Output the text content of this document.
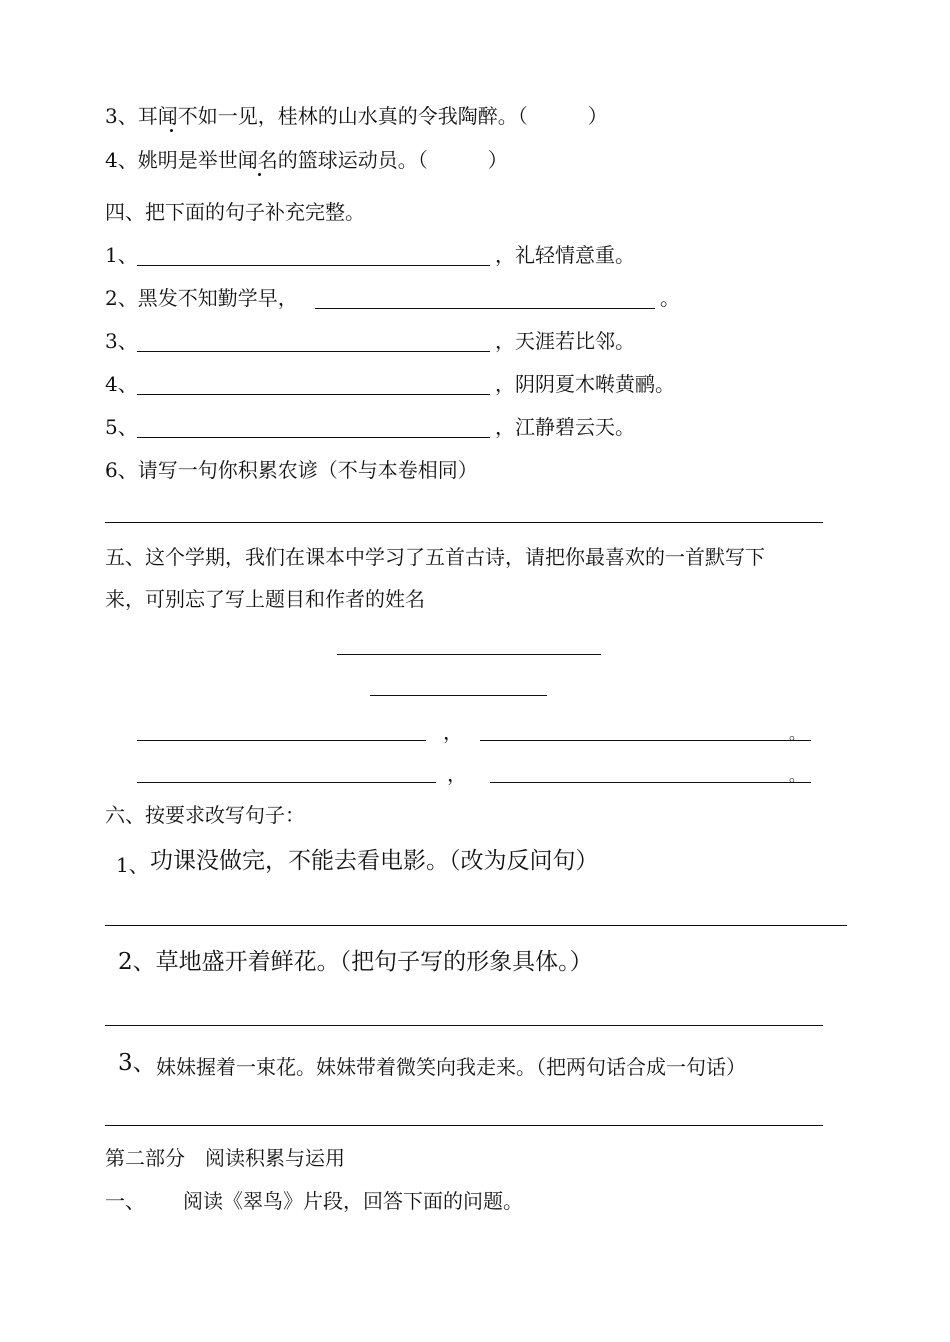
3、耳闻不如一见，桂林的山水真的令我陶醉。（　　　）
4、姚明是举世闻名的篮球运动员。（　　　）
四、把下面的句子补充完整。
1、	，礼轻情意重。
2、黑发不知勤学早，	。
3、	，天涯若比邻。
4、	，阴阴夏木啭黄鹂。
5、	，江静碧云天。
6、请写一句你积累农谚（不与本卷相同）
五、这个学期，我们在课本中学习了五首古诗，请把你最喜欢的一首默写下
来，可别忘了写上题目和作者的姓名
，	。
，	。
六、按要求改写句子：
1、 功课没做完，不能去看电影。（改为反问句）
2、草地盛开着鲜花。（把句子写的形象具体。）
3、 妹妹握着一束花。妹妹带着微笑向我走来。（把两句话合成一句话）
第二部分　阅读积累与运用
一、 阅读《翠鸟》片段，回答下面的问题。
